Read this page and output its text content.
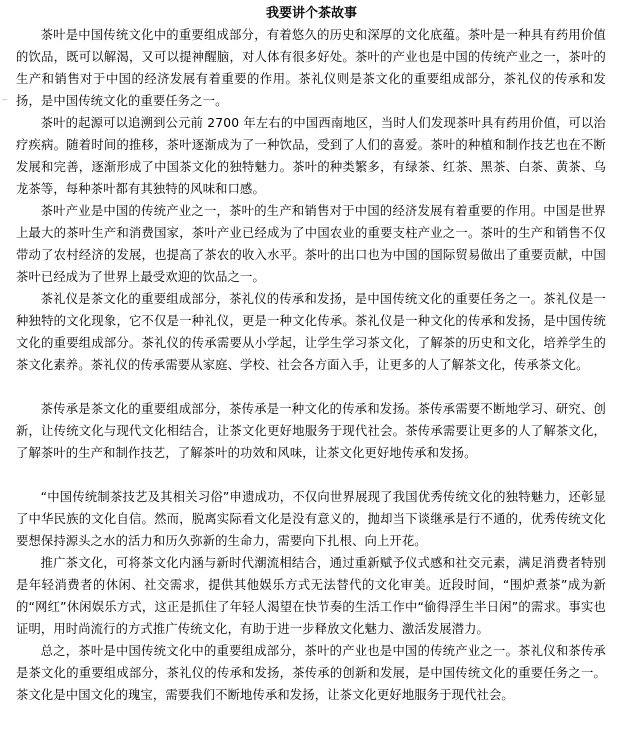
我要讲个茶故事
⌐

茶叶是中国传统文化中的重要组成部分，有着悠久的历史和深厚的文化底蕴。茶叶是一种具有药用价值的饮品，既可以解渴，又可以提神醒脑，对人体有很多好处。茶叶的产业也是中国的传统产业之一，茶叶的生产和销售对于中国的经济发展有着重要的作用。茶礼仪则是茶文化的重要组成部分，茶礼仪的传承和发扬，是中国传统文化的重要任务之一。

茶叶的起源可以追溯到公元前 2700 年左右的中国西南地区，当时人们发现茶叶具有药用价值，可以治疗疾病。随着时间的推移，茶叶逐渐成为了一种饮品，受到了人们的喜爱。茶叶的种植和制作技艺也在不断发展和完善，逐渐形成了中国茶文化的独特魅力。茶叶的种类繁多，有绿茶、红茶、黑茶、白茶、黄茶、乌龙茶等，每种茶叶都有其独特的风味和口感。

茶叶产业是中国的传统产业之一，茶叶的生产和销售对于中国的经济发展有着重要的作用。中国是世界上最大的茶叶生产和消费国家，茶叶产业已经成为了中国农业的重要支柱产业之一。茶叶的生产和销售不仅带动了农村经济的发展，也提高了茶农的收入水平。茶叶的出口也为中国的国际贸易做出了重要贡献，中国茶叶已经成为了世界上最受欢迎的饮品之一。

茶礼仪是茶文化的重要组成部分，茶礼仪的传承和发扬，是中国传统文化的重要任务之一。茶礼仪是一种独特的文化现象，它不仅是一种礼仪，更是一种文化传承。茶礼仪是一种文化的传承和发扬，是中国传统文化的重要组成部分。茶礼仪的传承需要从小学起，让学生学习茶文化，了解茶的历史和文化，培养学生的茶文化素养。茶礼仪的传承需要从家庭、学校、社会各方面入手，让更多的人了解茶文化，传承茶文化。

茶传承是茶文化的重要组成部分，茶传承是一种文化的传承和发扬。茶传承需要不断地学习、研究、创新，让传统文化与现代文化相结合，让茶文化更好地服务于现代社会。茶传承需要让更多的人了解茶文化，了解茶叶的生产和制作技艺，了解茶叶的功效和风味，让茶文化更好地传承和发扬。

“中国传统制茶技艺及其相关习俗”申遗成功，不仅向世界展现了我国优秀传统文化的独特魅力，还彰显了中华民族的文化自信。然而，脱离实际看文化是没有意义的，抛却当下谈继承是行不通的，优秀传统文化要想保持源头之水的活力和历久弥新的生命力，需要向下扎根、向上开花。

推广茶文化，可将茶文化内涵与新时代潮流相结合，通过重新赋予仪式感和社交元素，满足消费者特别是年轻消费者的休闲、社交需求，提供其他娱乐方式无法替代的文化审美。近段时间，“围炉煮茶”成为新的“网红”休闲娱乐方式，这正是抓住了年轻人渴望在快节奏的生活工作中“偷得浮生半日闲”的需求。事实也证明，用时尚流行的方式推广传统文化，有助于进一步释放文化魅力、激活发展潜力。

总之，茶叶是中国传统文化中的重要组成部分，茶叶的产业也是中国的传统产业之一。茶礼仪和茶传承是茶文化的重要组成部分，茶礼仪的传承和发扬，茶传承的创新和发展，是中国传统文化的重要任务之一。茶文化是中国文化的瑰宝，需要我们不断地传承和发扬，让茶文化更好地服务于现代社会。
